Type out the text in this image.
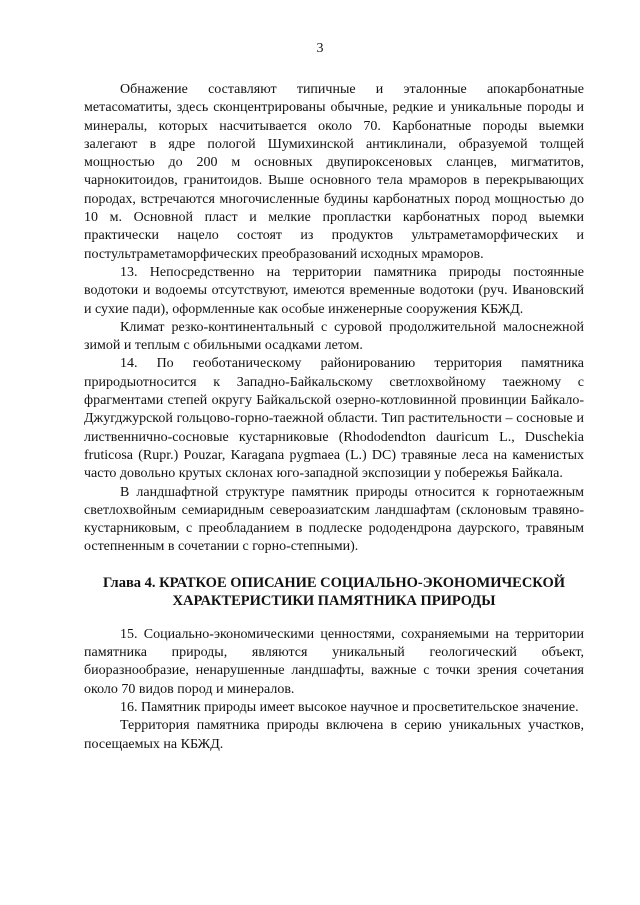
3

Обнажение составляют типичные и эталонные апокарбонатные метасоматиты, здесь сконцентрированы обычные, редкие и уникальные породы и минералы, которых насчитывается около 70. Карбонатные породы выемки залегают в ядре пологой Шумихинской антиклинали, образуемой толщей мощностью до 200 м основных двупироксеновых сланцев, мигматитов, чарнокитоидов, гранитоидов. Выше основного тела мраморов в перекрывающих породах, встречаются многочисленные будины карбонатных пород мощностью до 10 м. Основной пласт и мелкие пропластки карбонатных пород выемки практически нацело состоят из продуктов ультраметаморфических и постультраметаморфических преобразований исходных мраморов.

13. Непосредственно на территории памятника природы постоянные водотоки и водоемы отсутствуют, имеются временные водотоки (руч. Ивановский и сухие пади), оформленные как особые инженерные сооружения КБЖД.

Климат резко-континентальный с суровой продолжительной малоснежной зимой и теплым с обильными осадками летом.

14. По геоботаническому районированию территория памятника природыотносится к Западно-Байкальскому светлохвойному таежному с фрагментами степей округу Байкальской озерно-котловинной провинции Байкало-Джугджурской гольцово-горно-таежной области. Тип растительности – сосновые и лиственнично-сосновые кустарниковые (Rhododendton dauricum L., Duschekia fruticosa (Rupr.) Pouzar, Karagana pygmaea (L.) DC) травяные леса на каменистых часто довольно крутых склонах юго-западной экспозиции у побережья Байкала.

В ландшафтной структуре памятник природы относится к горнотаежным светлохвойным семиаридным североазиатским ландшафтам (склоновым травяно-кустарниковым, с преобладанием в подлеске рододендрона даурского, травяным остепненным в сочетании с горно-степными).

Глава 4. КРАТКОЕ ОПИСАНИЕ СОЦИАЛЬНО-ЭКОНОМИЧЕСКОЙ
ХАРАКТЕРИСТИКИ ПАМЯТНИКА ПРИРОДЫ

15. Социально-экономическими ценностями, сохраняемыми на территории памятника природы, являются уникальный геологический объект, биоразнообразие, ненарушенные ландшафты, важные с точки зрения сочетания около 70 видов пород и минералов.

16. Памятник природы имеет высокое научное и просветительское значение.

Территория памятника природы включена в серию уникальных участков, посещаемых на КБЖД.
